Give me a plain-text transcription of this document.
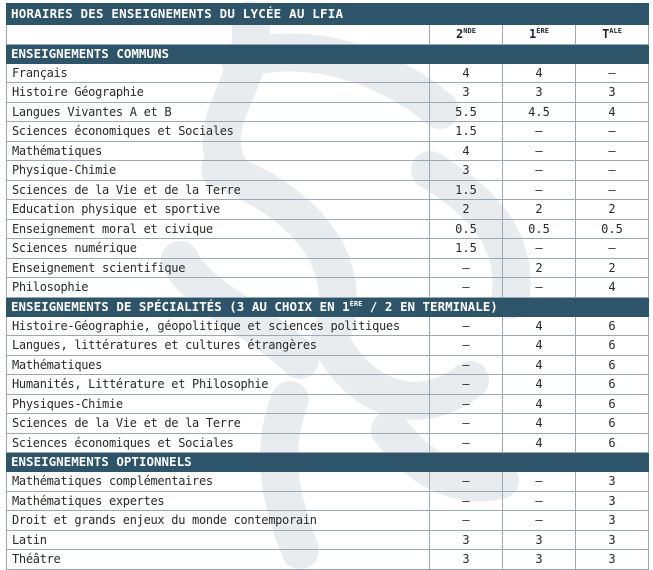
HORAIRES DES ENSEIGNEMENTS DU LYCÉE AU LFIA			
	2NDE	1ÈRE	$T^{ALE}$
ENSEIGNEMENTS COMMUNS			
Français	4	4	–
Histoire Géographie	3	3	3
Langues Vivantes A et B	5.5	4.5	4
Sciences économiques et Sociales	1.5	–	–
Mathématiques	4	–	–
Physique-Chimie	3	–	–
Sciences de la Vie et de la Terre	1.5	–	–
Education physique et sportive	2	2	2
Enseignement moral et civique	0.5	0.5	0.5
Sciences numérique	1.5	–	–
Enseignement scientifique	–	2	2
Philosophie	–	–	4
ENSEIGNEMENTS DE SPÉCIALITÉS (3 AU CHOIX EN 1ÈRE / 2 EN TERMINALE)			
Histoire-Géographie, géopolitique et sciences politiques	–	4	6
Langues, littératures et cultures étrangères	–	4	6
Mathématiques	–	4	6
Humanités, Littérature et Philosophie	–	4	6
Physiques-Chimie	–	4	6
Sciences de la Vie et de la Terre	–	4	6
Sciences économiques et Sociales	–	4	6
ENSEIGNEMENTS OPTIONNELS			
Mathématiques complémentaires	–	–	3
Mathématiques expertes	–	–	3
Droit et grands enjeux du monde contemporain	–	–	3
Latin	3	3	3
Théâtre	3	3	3
